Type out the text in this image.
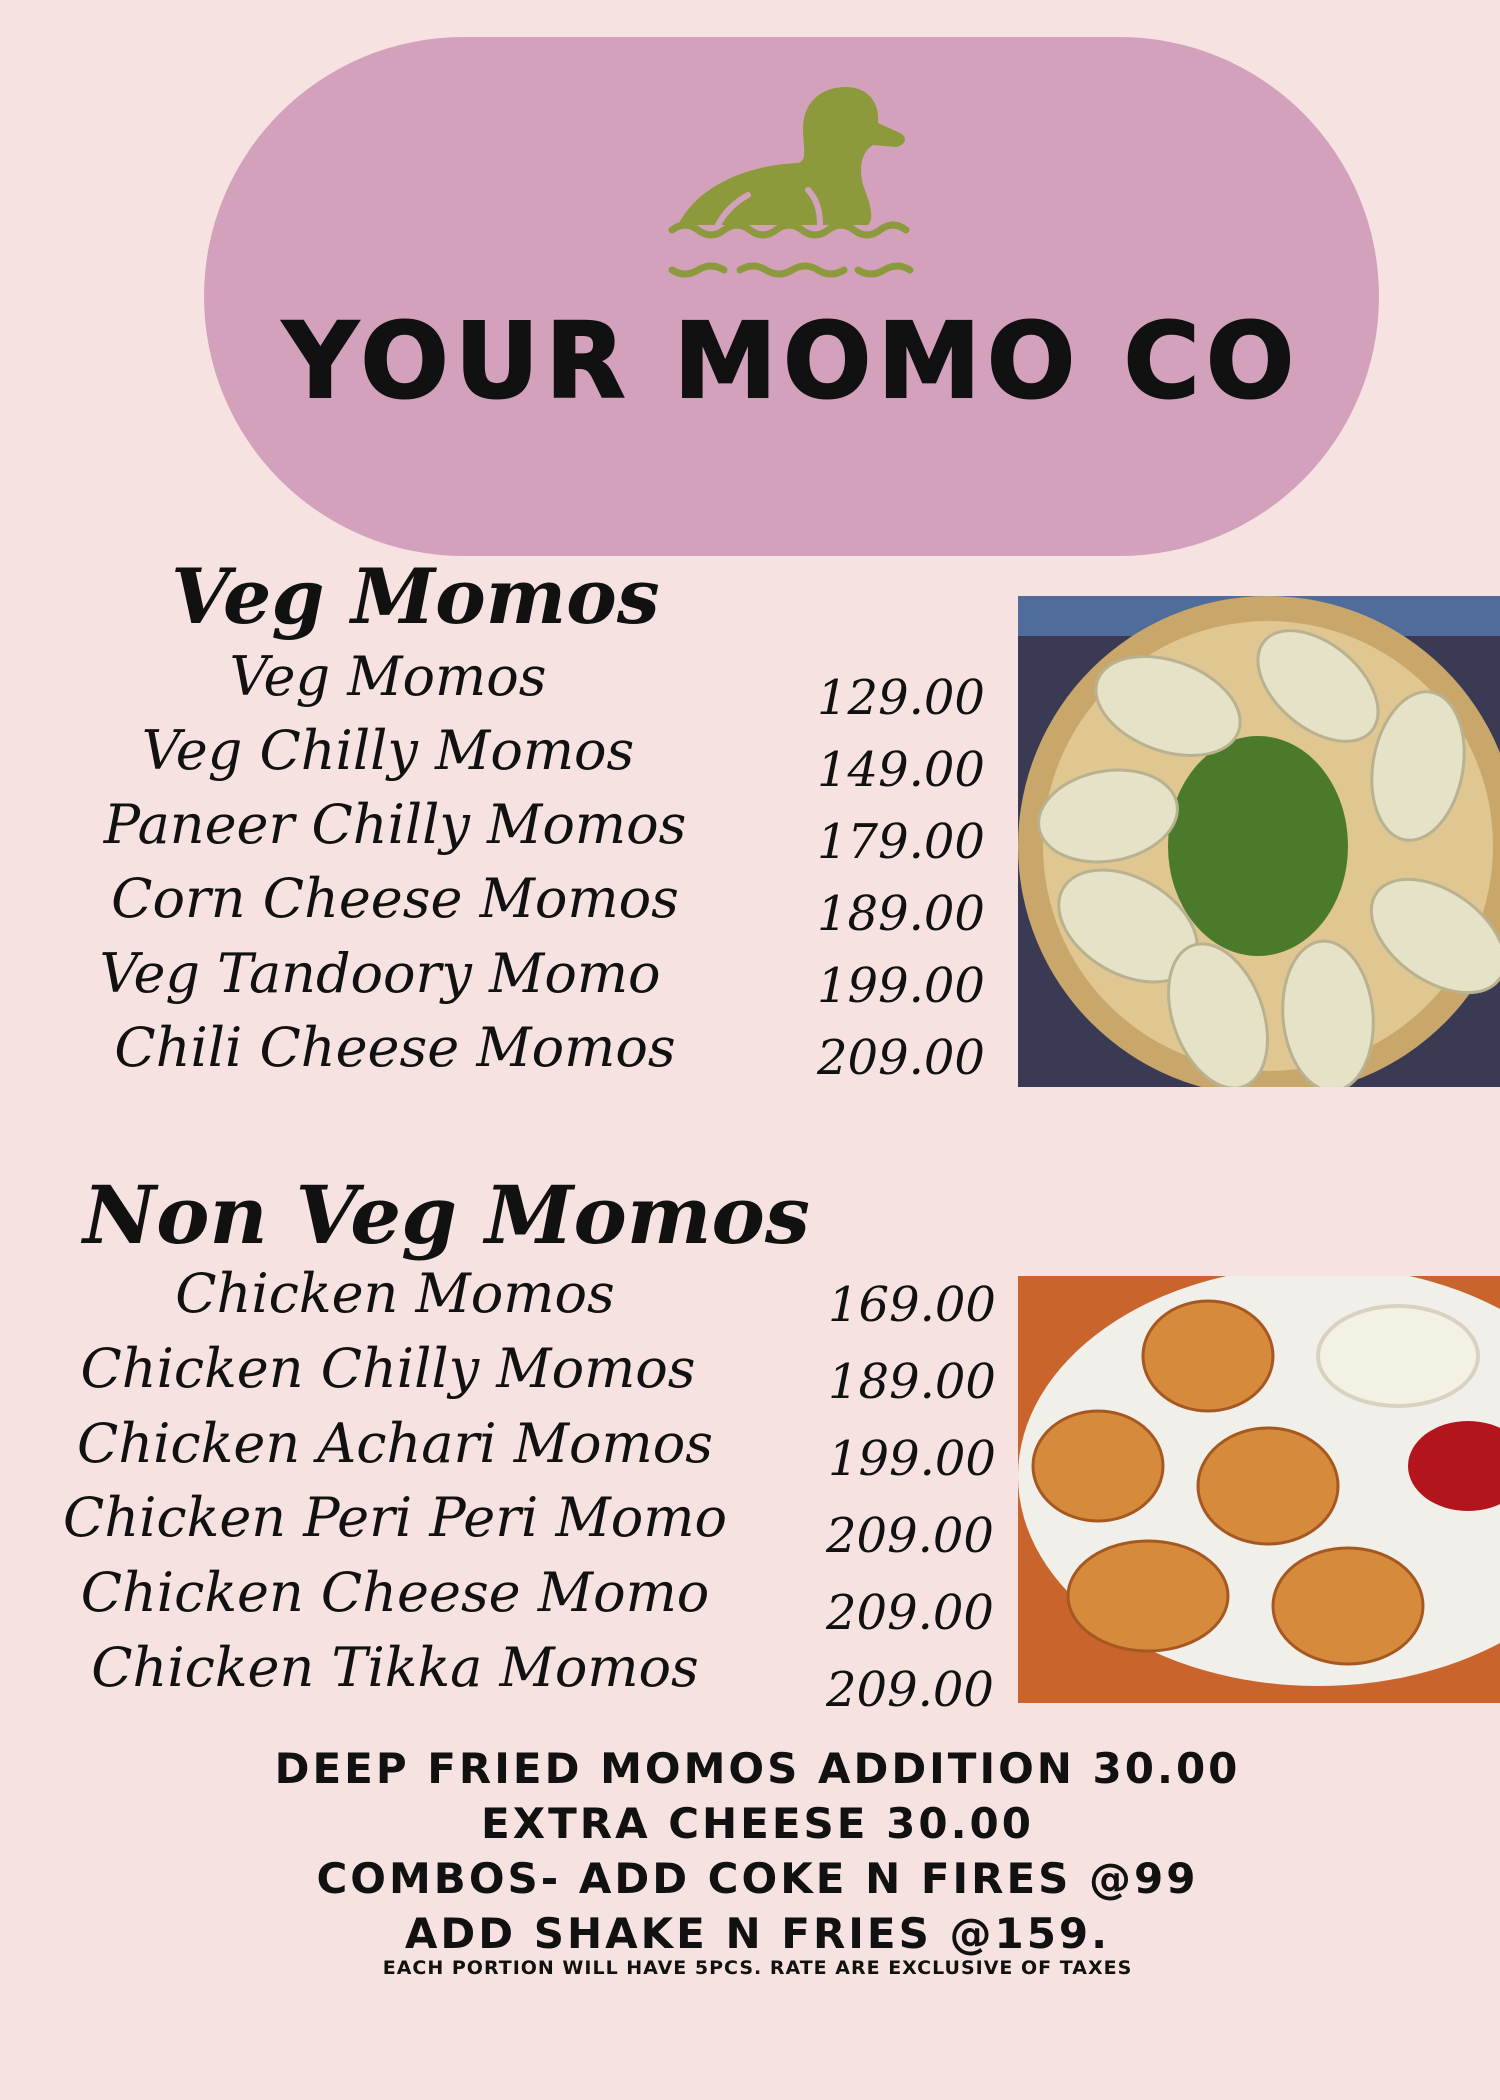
YOUR MOMO CO
Veg Momos
Veg Momos
Veg Chilly Momos
Paneer Chilly Momos
Corn Cheese Momos
Veg Tandoory Momo
Chili Cheese Momos
129.00
149.00
179.00
189.00
199.00
209.00
Non Veg Momos
Chicken Momos
Chicken Chilly Momos
Chicken Achari Momos
Chicken Peri Peri Momo
Chicken Cheese Momo
Chicken Tikka Momos
169.00
189.00
199.00
209.00
209.00
209.00
DEEP FRIED MOMOS ADDITION 30.00
EXTRA CHEESE 30.00
COMBOS- ADD COKE N FIRES @99
ADD SHAKE N FRIES @159.
EACH PORTION WILL HAVE 5PCS. RATE ARE EXCLUSIVE OF TAXES
